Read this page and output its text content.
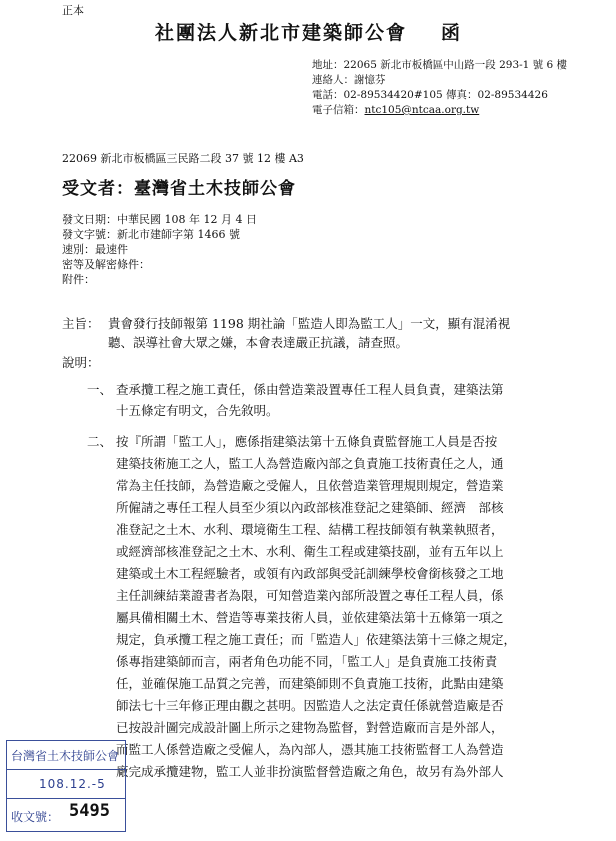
正本
社團法人新北市建築師公會 函
地址：22065 新北市板橋區中山路一段 293-1 號 6 樓
連絡人：謝憶芬
電話：02-89534420#105 傳真：02-89534426
電子信箱：ntc105@ntcaa.org.tw
22069 新北市板橋區三民路二段 37 號 12 樓 A3
受文者：臺灣省土木技師公會
發文日期：中華民國 108 年 12 月 4 日
發文字號：新北市建師字第 1466 號
速別：最速件
密等及解密條件：
附件：
主旨： 貴會發行技師報第 1198 期社論「監造人即為監工人」一文，顯有混淆視
聽、誤導社會大眾之嫌，本會表達嚴正抗議，請查照。
說明：
一、 查承攬工程之施工責任，係由營造業設置專任工程人員負責，建築法第
十五條定有明文，合先敘明。
二、 按『所謂「監工人」，應係指建築法第十五條負責監督施工人員是否按
建築技術施工之人，監工人為營造廠內部之負責施工技術責任之人，通
常為主任技師，為營造廠之受僱人，且依營造業管理規則規定，營造業
所僱請之專任工程人員至少須以內政部核准登記之建築師、經濟　部核
准登記之土木、水利、環境衛生工程、結構工程技師領有執業執照者，
或經濟部核准登記之土木、水利、衛生工程或建築技副，並有五年以上
建築或土木工程經驗者，或領有內政部與受託訓練學校會銜核發之工地
主任訓練結業證書者為限，可知營造業內部所設置之專任工程人員，係
屬具備相關土木、營造等專業技術人員，並依建築法第十五條第一項之
規定，負承攬工程之施工責任；而「監造人」依建築法第十三條之規定，
係專指建築師而言，兩者角色功能不同，「監工人」是負責施工技術責
任，並確保施工品質之完善，而建築師則不負責施工技術，此點由建築
師法七十三年修正理由觀之甚明。因監造人之法定責任係就營造廠是否
已按設計圖完成設計圖上所示之建物為監督，對營造廠而言是外部人，
而監工人係營造廠之受僱人，為內部人，憑其施工技術監督工人為營造
廠完成承攬建物，監工人並非扮演監督營造廠之角色，故另有為外部人
台灣省土木技師公會
108.12.-5
收文號： 5495
